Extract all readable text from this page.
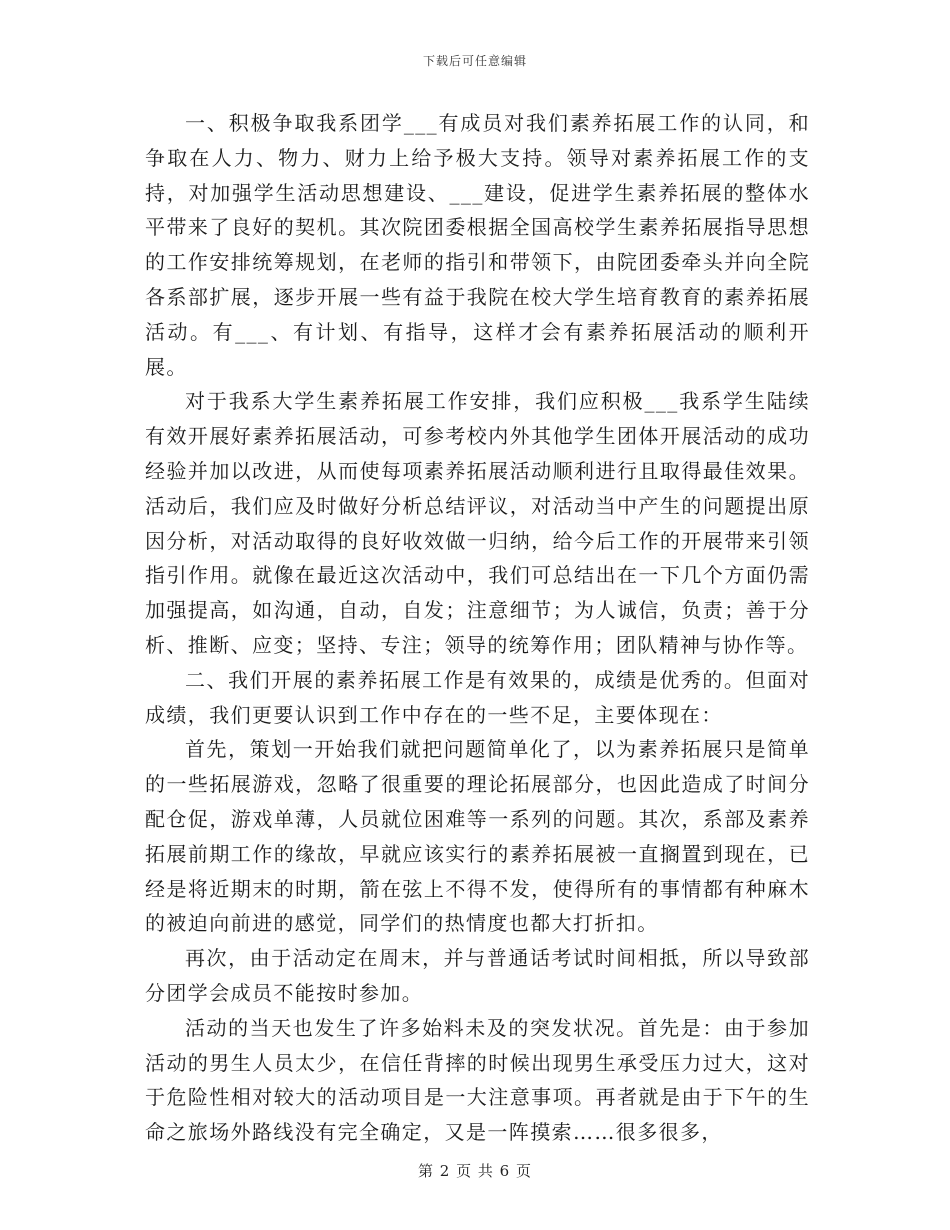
下载后可任意编辑

一、积极争取我系团学___有成员对我们素养拓展工作的认同，和争取在人力、物力、财力上给予极大支持。领导对素养拓展工作的支持，对加强学生活动思想建设、___建设，促进学生素养拓展的整体水平带来了良好的契机。其次院团委根据全国高校学生素养拓展指导思想的工作安排统筹规划，在老师的指引和带领下，由院团委牵头并向全院各系部扩展，逐步开展一些有益于我院在校大学生培育教育的素养拓展活动。有___、有计划、有指导，这样才会有素养拓展活动的顺利开展。

对于我系大学生素养拓展工作安排，我们应积极___我系学生陆续有效开展好素养拓展活动，可参考校内外其他学生团体开展活动的成功经验并加以改进，从而使每项素养拓展活动顺利进行且取得最佳效果。活动后，我们应及时做好分析总结评议，对活动当中产生的问题提出原因分析，对活动取得的良好收效做一归纳，给今后工作的开展带来引领指引作用。就像在最近这次活动中，我们可总结出在一下几个方面仍需加强提高，如沟通，自动，自发；注意细节；为人诚信，负责；善于分析、推断、应变；坚持、专注；领导的统筹作用；团队精神与协作等。

二、我们开展的素养拓展工作是有效果的，成绩是优秀的。但面对成绩，我们更要认识到工作中存在的一些不足，主要体现在：

首先，策划一开始我们就把问题简单化了，以为素养拓展只是简单的一些拓展游戏，忽略了很重要的理论拓展部分，也因此造成了时间分配仓促，游戏单薄，人员就位困难等一系列的问题。其次，系部及素养拓展前期工作的缘故，早就应该实行的素养拓展被一直搁置到现在，已经是将近期末的时期，箭在弦上不得不发，使得所有的事情都有种麻木的被迫向前进的感觉，同学们的热情度也都大打折扣。

再次，由于活动定在周末，并与普通话考试时间相抵，所以导致部分团学会成员不能按时参加。

活动的当天也发生了许多始料未及的突发状况。首先是：由于参加活动的男生人员太少，在信任背摔的时候出现男生承受压力过大，这对于危险性相对较大的活动项目是一大注意事项。再者就是由于下午的生命之旅场外路线没有完全确定，又是一阵摸索……很多很多，

第 2 页 共 6 页
